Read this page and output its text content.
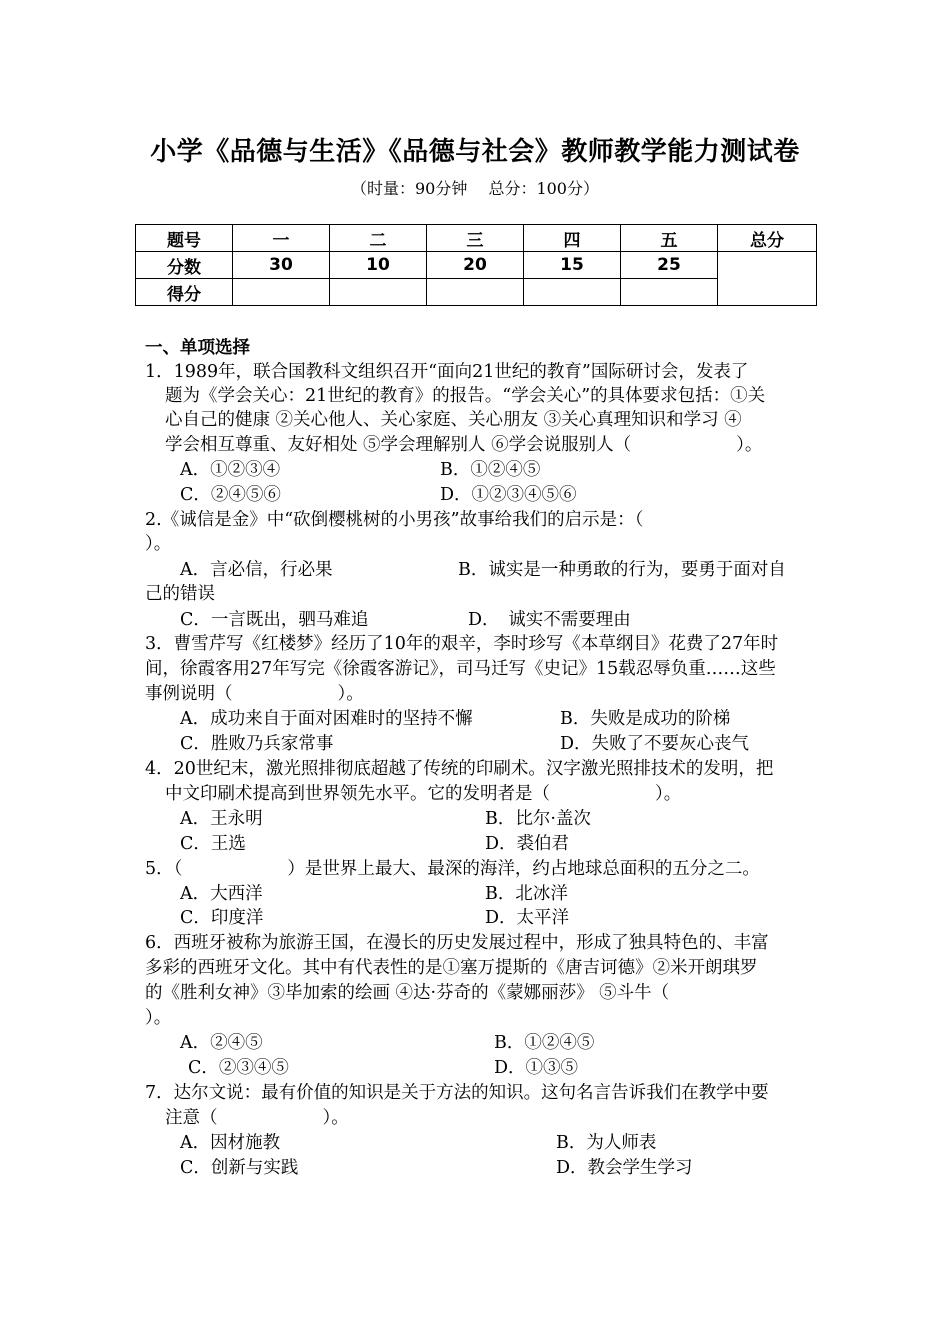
小学《品德与生活》《品德与社会》教师教学能力测试卷
（时量：90分钟　 总分：100分）
题号	一	二	三	四	五	总分
分数	30	10	20	15	25	
得分						
一、单项选择
1．1989年，联合国教科文组织召开“面向21世纪的教育”国际研讨会，发表了
题为《学会关心：21世纪的教育》的报告。“学会关心”的具体要求包括：①关
心自己的健康 ②关心他人、关心家庭、关心朋友 ③关心真理知识和学习 ④
学会相互尊重、友好相处 ⑤学会理解别人 ⑥学会说服别人（　　　　　　）。
A．①②③④	B．①②④⑤
C．②④⑤⑥	D．①②③④⑤⑥
2.《诚信是金》中“砍倒樱桃树的小男孩”故事给我们的启示是：（
）。
A．言必信，行必果	B．诚实是一种勇敢的行为，要勇于面对自
己的错误
C．一言既出，驷马难追	D．　诚实不需要理由
3．曹雪芹写《红楼梦》经历了10年的艰辛，李时珍写《本草纲目》花费了27年时
间，徐霞客用27年写完《徐霞客游记》，司马迁写《史记》15载忍辱负重……这些
事例说明（　　　　　　）。
A．成功来自于面对困难时的坚持不懈	B．失败是成功的阶梯
C．胜败乃兵家常事	D．失败了不要灰心丧气
4．20世纪末，激光照排彻底超越了传统的印刷术。汉字激光照排技术的发明，把
中文印刷术提高到世界领先水平。它的发明者是（　　　　　　）。
A．王永明	B．比尔·盖次
C．王选	D．裘伯君
5．（　　　　　　）是世界上最大、最深的海洋，约占地球总面积的五分之二。
A．大西洋	B．北冰洋
C．印度洋	D．太平洋
6．西班牙被称为旅游王国，在漫长的历史发展过程中，形成了独具特色的、丰富
多彩的西班牙文化。其中有代表性的是①塞万提斯的《唐吉诃德》②米开朗琪罗
的《胜利女神》③毕加索的绘画 ④达·芬奇的《蒙娜丽莎》 ⑤斗牛（
）。
A．②④⑤	B．①②④⑤
C．②③④⑤	D．①③⑤
7．达尔文说：最有价值的知识是关于方法的知识。这句名言告诉我们在教学中要
注意（　　　　　　）。
A．因材施教	B．为人师表
C．创新与实践	D．教会学生学习
